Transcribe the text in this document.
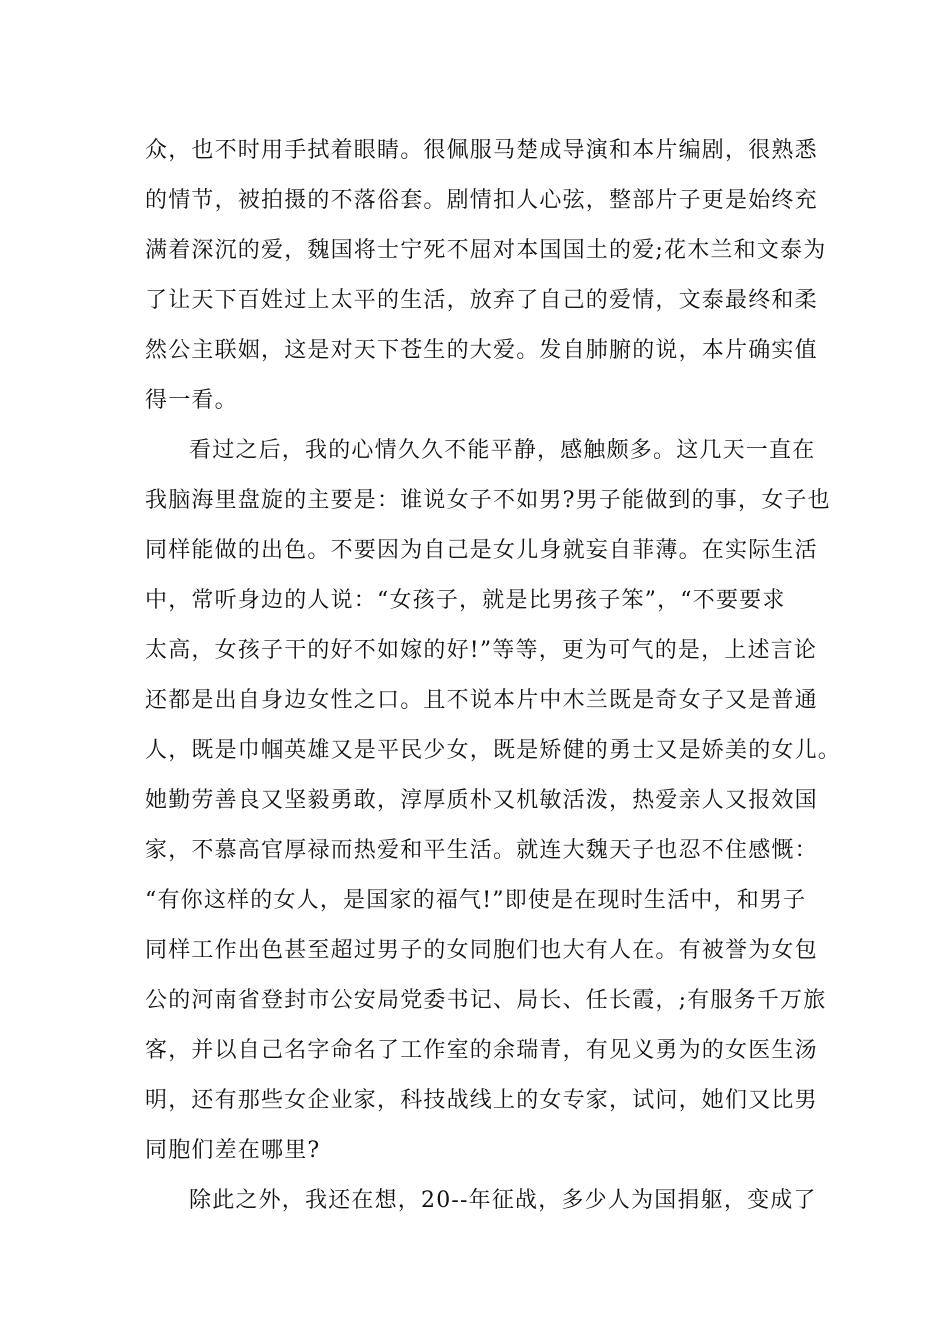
众，也不时用手拭着眼睛。很佩服马楚成导演和本片编剧，很熟悉
的情节，被拍摄的不落俗套。剧情扣人心弦，整部片子更是始终充
满着深沉的爱，魏国将士宁死不屈对本国国土的爱;花木兰和文泰为
了让天下百姓过上太平的生活，放弃了自己的爱情，文泰最终和柔
然公主联姻，这是对天下苍生的大爱。发自肺腑的说，本片确实值
得一看。
看过之后，我的心情久久不能平静，感触颇多。这几天一直在
我脑海里盘旋的主要是：谁说女子不如男?男子能做到的事，女子也
同样能做的出色。不要因为自己是女儿身就妄自菲薄。在实际生活
中，常听身边的人说：“女孩子，就是比男孩子笨”，“不要要求
太高，女孩子干的好不如嫁的好!”等等，更为可气的是，上述言论
还都是出自身边女性之口。且不说本片中木兰既是奇女子又是普通
人，既是巾帼英雄又是平民少女，既是矫健的勇士又是娇美的女儿。
她勤劳善良又坚毅勇敢，淳厚质朴又机敏活泼，热爱亲人又报效国
家，不慕高官厚禄而热爱和平生活。就连大魏天子也忍不住感慨：
“有你这样的女人，是国家的福气!”即使是在现时生活中，和男子
同样工作出色甚至超过男子的女同胞们也大有人在。有被誉为女包
公的河南省登封市公安局党委书记、局长、任长霞，;有服务千万旅
客，并以自己名字命名了工作室的余瑞青，有见义勇为的女医生汤
明，还有那些女企业家，科技战线上的女专家，试问，她们又比男
同胞们差在哪里?
除此之外，我还在想，20--年征战，多少人为国捐躯，变成了
